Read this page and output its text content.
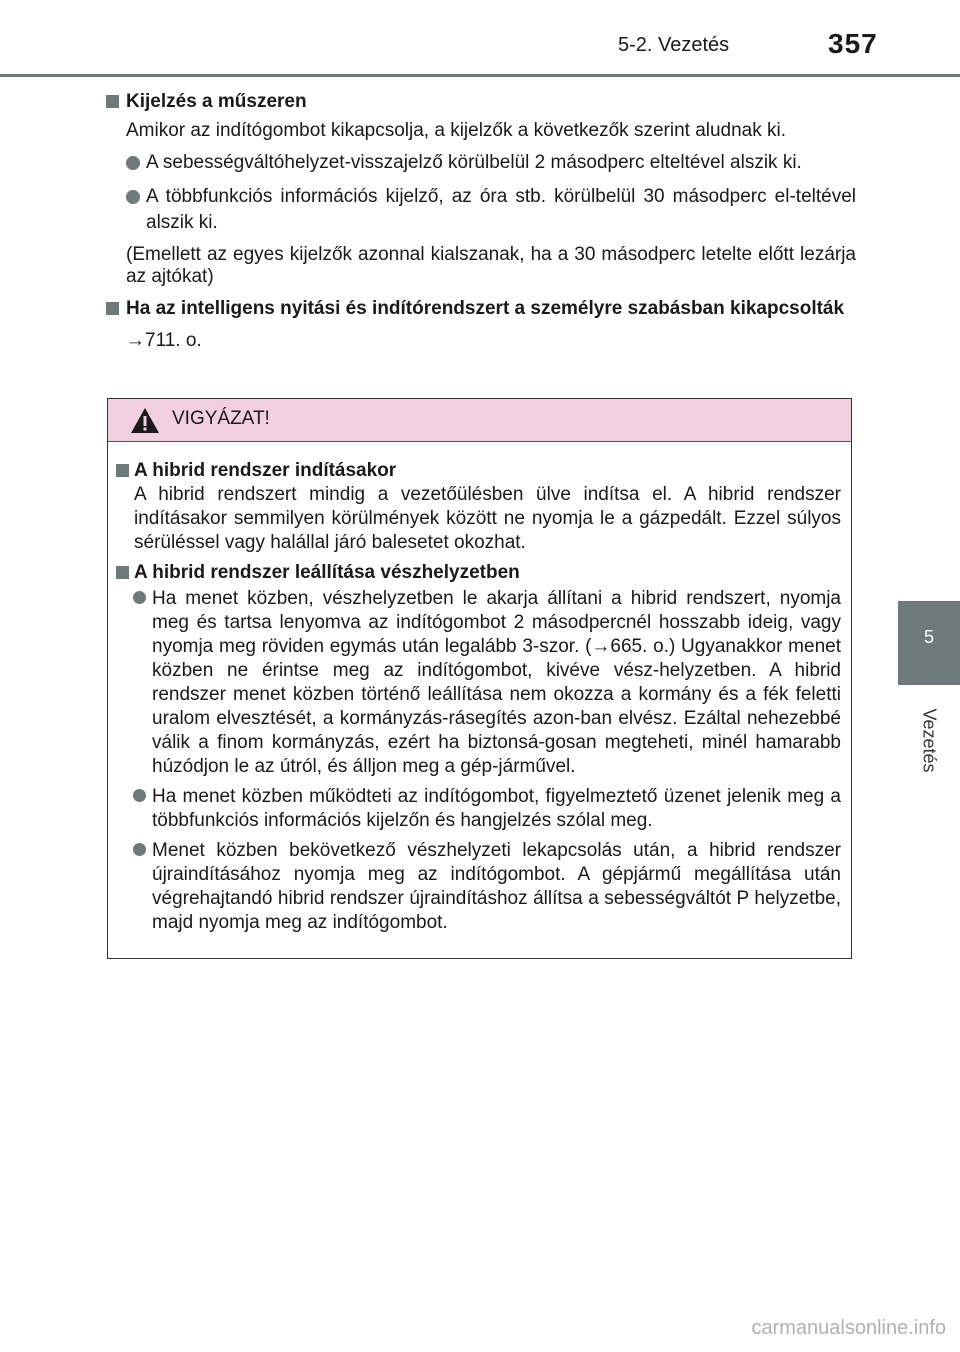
5-2. Vezetés	357
5
Vezetés
Kijelzés a műszeren
Amikor az indítógombot kikapcsolja, a kijelzők a következők szerint aludnak ki.
A sebességváltóhelyzet-visszajelző körülbelül 2 másodperc elteltével alszik ki.
A többfunkciós információs kijelző, az óra stb. körülbelül 30 másodperc el-teltével alszik ki.
(Emellett az egyes kijelzők azonnal kialszanak, ha a 30 másodperc letelte előtt lezárja az ajtókat)
Ha az intelligens nyitási és indítórendszert a személyre szabásban kikapcsolták
→711. o.
VIGYÁZAT!
A hibrid rendszer indításakor
A hibrid rendszert mindig a vezetőülésben ülve indítsa el. A hibrid rendszer indításakor semmilyen körülmények között ne nyomja le a gázpedált. Ezzel súlyos sérüléssel vagy halállal járó balesetet okozhat.
A hibrid rendszer leállítása vészhelyzetben
Ha menet közben, vészhelyzetben le akarja állítani a hibrid rendszert, nyomja meg és tartsa lenyomva az indítógombot 2 másodpercnél hosszabb ideig, vagy nyomja meg röviden egymás után legalább 3-szor. (→665. o.) Ugyanakkor menet közben ne érintse meg az indítógombot, kivéve vész-helyzetben. A hibrid rendszer menet közben történő leállítása nem okozza a kormány és a fék feletti uralom elvesztését, a kormányzás-rásegítés azon-ban elvész. Ezáltal nehezebbé válik a finom kormányzás, ezért ha biztonsá-gosan megteheti, minél hamarabb húzódjon le az útról, és álljon meg a gép-járművel.
Ha menet közben működteti az indítógombot, figyelmeztető üzenet jelenik meg a többfunkciós információs kijelzőn és hangjelzés szólal meg.
Menet közben bekövetkező vészhelyzeti lekapcsolás után, a hibrid rendszer újraindításához nyomja meg az indítógombot. A gépjármű megállítása után végrehajtandó hibrid rendszer újraindításhoz állítsa a sebességváltót P helyzetbe, majd nyomja meg az indítógombot.
carmanualsonline.info
